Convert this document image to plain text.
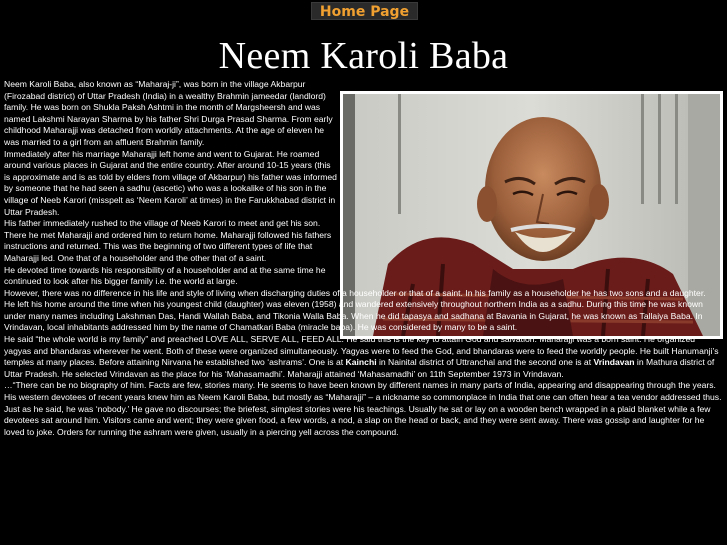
Home Page
Neem Karoli Baba

Neem Karoli Baba, also known as “Maharaj-ji”, was born in the village Akbarpur (Firozabad district) of Uttar Pradesh (India) in a wealthy Brahmin jameedar (landlord) family. He was born on Shukla Paksh Ashtmi in the month of Margsheersh and was named Lakshmi Narayan Sharma by his father Shri Durga Prasad Sharma. From early childhood Maharajji was detached from worldly attachments. At the age of eleven he was married to a girl from an affluent Brahmin family.

Immediately after his marriage Maharajji left home and went to Gujarat. He roamed around various places in Gujarat and the entire country. After around 10-15 years (this is approximate and is as told by elders from village of Akbarpur) his father was informed by someone that he had seen a sadhu (ascetic) who was a lookalike of his son in the village of Neeb Karori (misspelt as ‘Neem Karoli’ at times) in the Farukkhabad district in Uttar Pradesh.

His father immediately rushed to the village of Neeb Karori to meet and get his son. There he met Maharajji and ordered him to return home. Maharajji followed his fathers instructions and returned. This was the beginning of two different types of life that Maharajji led. One that of a householder and the other that of a saint.

He devoted time towards his responsibility of a householder and at the same time he continued to look after his bigger family i.e. the world at large.

However, there was no difference in his life and style of living when discharging duties of a householder or that of a saint. In his family as a householder he has two sons and a daughter.

He left his home around the time when his youngest child (daughter) was eleven (1958) and wandered extensively throughout northern India as a sadhu. During this time he was known under many names including Lakshman Das, Handi Wallah Baba, and Tikonia Walla Baba. When he did tapasya and sadhana at Bavania in Gujarat, he was known as Tallaiya Baba. In Vrindavan, local inhabitants addressed him by the name of Chamatkari Baba (miracle baba). He was considered by many to be a saint.

He said “the whole world is my family” and preached LOVE ALL, SERVE ALL, FEED ALL. He said this is the key to attain God and salvation. Maharajji was a born saint. He organized yagyas and bhandaras wherever he went. Both of these were organized simultaneously. Yagyas were to feed the God, and bhandaras were to feed the worldly people. He built Hanumanji’s temples at many places. Before attaining Nirvana he established two ‘ashrams’. One is at Kainchi in Nainital district of Uttranchal and the second one is at Vrindavan in Mathura district of Uttar Pradesh. He selected Vrindavan as the place for his ‘Mahasamadhi’. Maharajji attained ‘Mahasamadhi’ on 11th September 1973 in Vrindavan.

…“There can be no biography of him. Facts are few, stories many. He seems to have been known by different names in many parts of India, appearing and disappearing through the years. His western devotees of recent years knew him as Neem Karoli Baba, but mostly as “Maharajji” – a nickname so commonplace in India that one can often hear a tea vendor addressed thus. Just as he said, he was ‘nobody.’ He gave no discourses; the briefest, simplest stories were his teachings. Usually he sat or lay on a wooden bench wrapped in a plaid blanket while a few devotees sat around him. Visitors came and went; they were given food, a few words, a nod, a slap on the head or back, and they were sent away. There was gossip and laughter for he loved to joke. Orders for running the ashram were given, usually in a piercing yell across the compound.
